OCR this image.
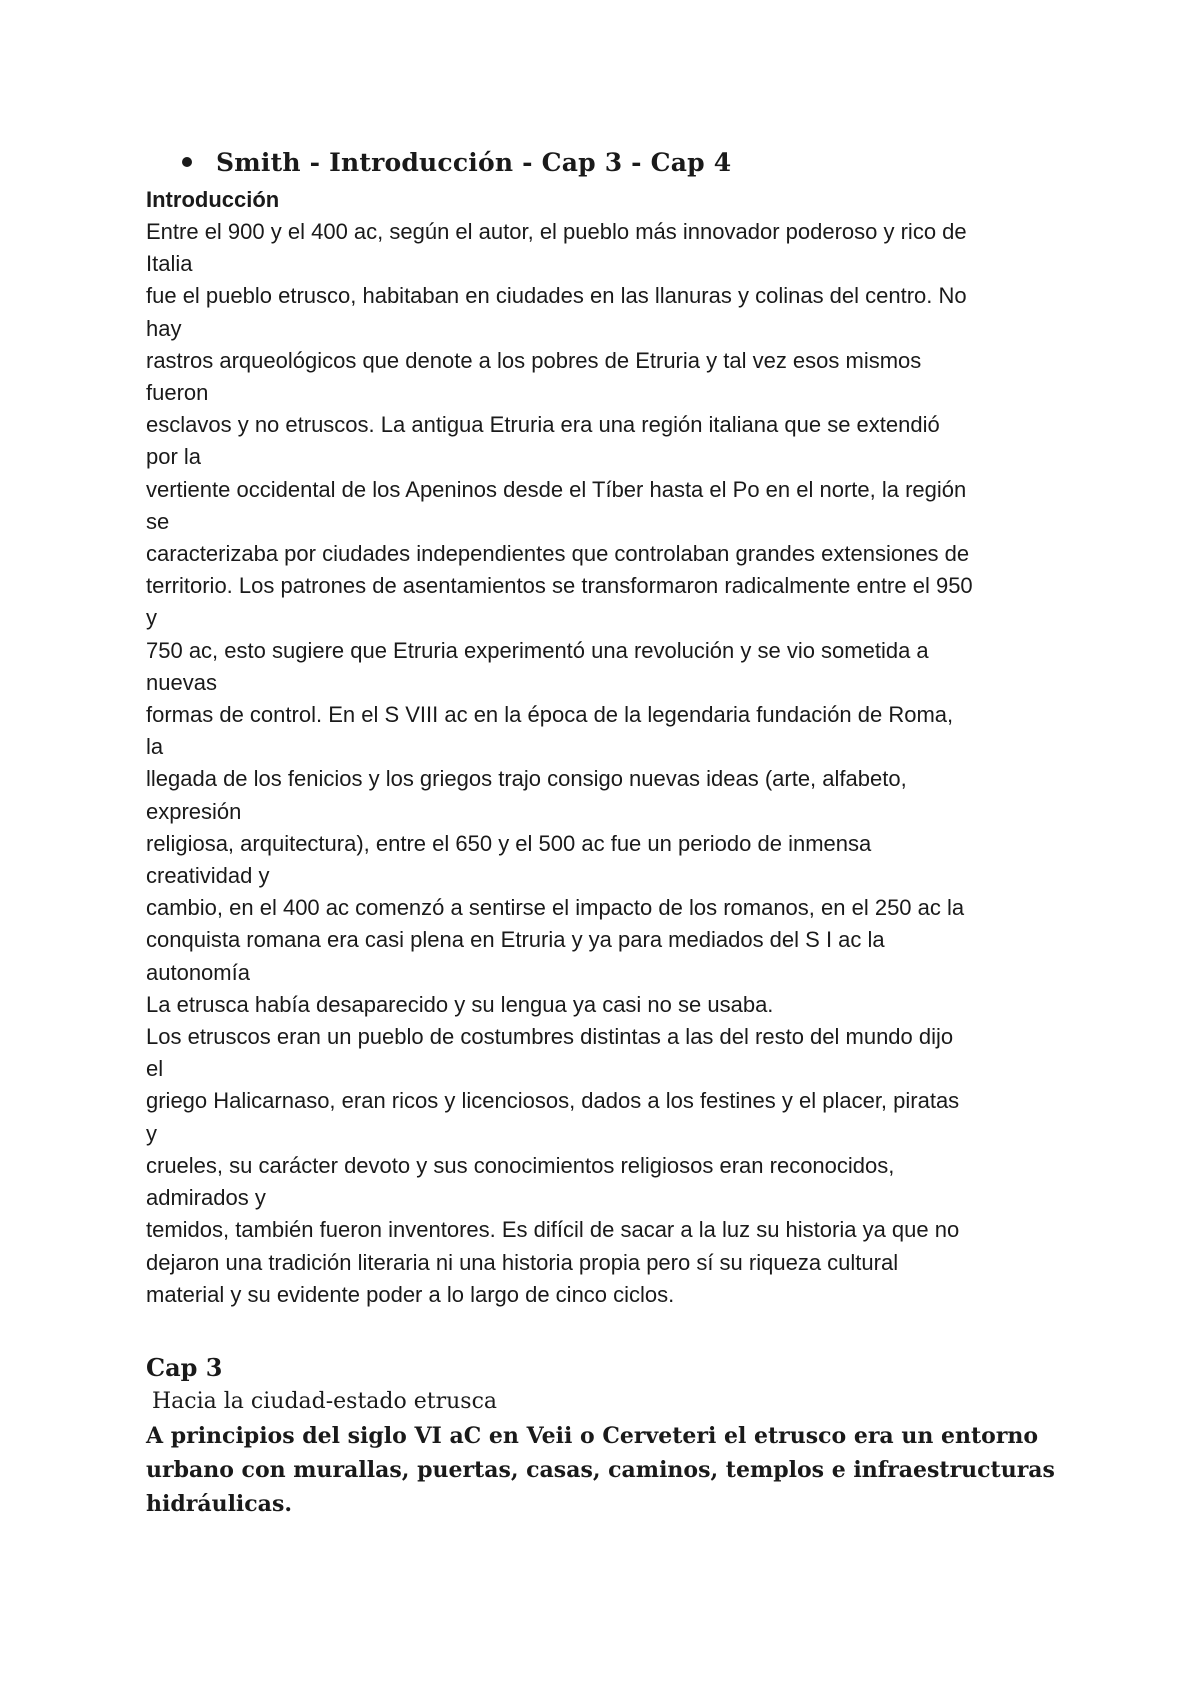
Smith - Introducción - Cap 3 - Cap 4
Introducción
Entre el 900 y el 400 ac, según el autor, el pueblo más innovador poderoso y rico de
Italia
fue el pueblo etrusco, habitaban en ciudades en las llanuras y colinas del centro. No
hay
rastros arqueológicos que denote a los pobres de Etruria y tal vez esos mismos
fueron
esclavos y no etruscos. La antigua Etruria era una región italiana que se extendió
por la
vertiente occidental de los Apeninos desde el Tíber hasta el Po en el norte, la región
se
caracterizaba por ciudades independientes que controlaban grandes extensiones de
territorio. Los patrones de asentamientos se transformaron radicalmente entre el 950
y
750 ac, esto sugiere que Etruria experimentó una revolución y se vio sometida a
nuevas
formas de control. En el S VIII ac en la época de la legendaria fundación de Roma,
la
llegada de los fenicios y los griegos trajo consigo nuevas ideas (arte, alfabeto,
expresión
religiosa, arquitectura), entre el 650 y el 500 ac fue un periodo de inmensa
creatividad y
cambio, en el 400 ac comenzó a sentirse el impacto de los romanos, en el 250 ac la
conquista romana era casi plena en Etruria y ya para mediados del S I ac la
autonomía
La etrusca había desaparecido y su lengua ya casi no se usaba.
Los etruscos eran un pueblo de costumbres distintas a las del resto del mundo dijo
el
griego Halicarnaso, eran ricos y licenciosos, dados a los festines y el placer, piratas
y
crueles, su carácter devoto y sus conocimientos religiosos eran reconocidos,
admirados y
temidos, también fueron inventores. Es difícil de sacar a la luz su historia ya que no
dejaron una tradición literaria ni una historia propia pero sí su riqueza cultural
material y su evidente poder a lo largo de cinco ciclos.
Cap 3
Hacia la ciudad-estado etrusca
A principios del siglo VI aC en Veii o Cerveteri el etrusco era un entorno
urbano con murallas, puertas, casas, caminos, templos e infraestructuras
hidráulicas.
